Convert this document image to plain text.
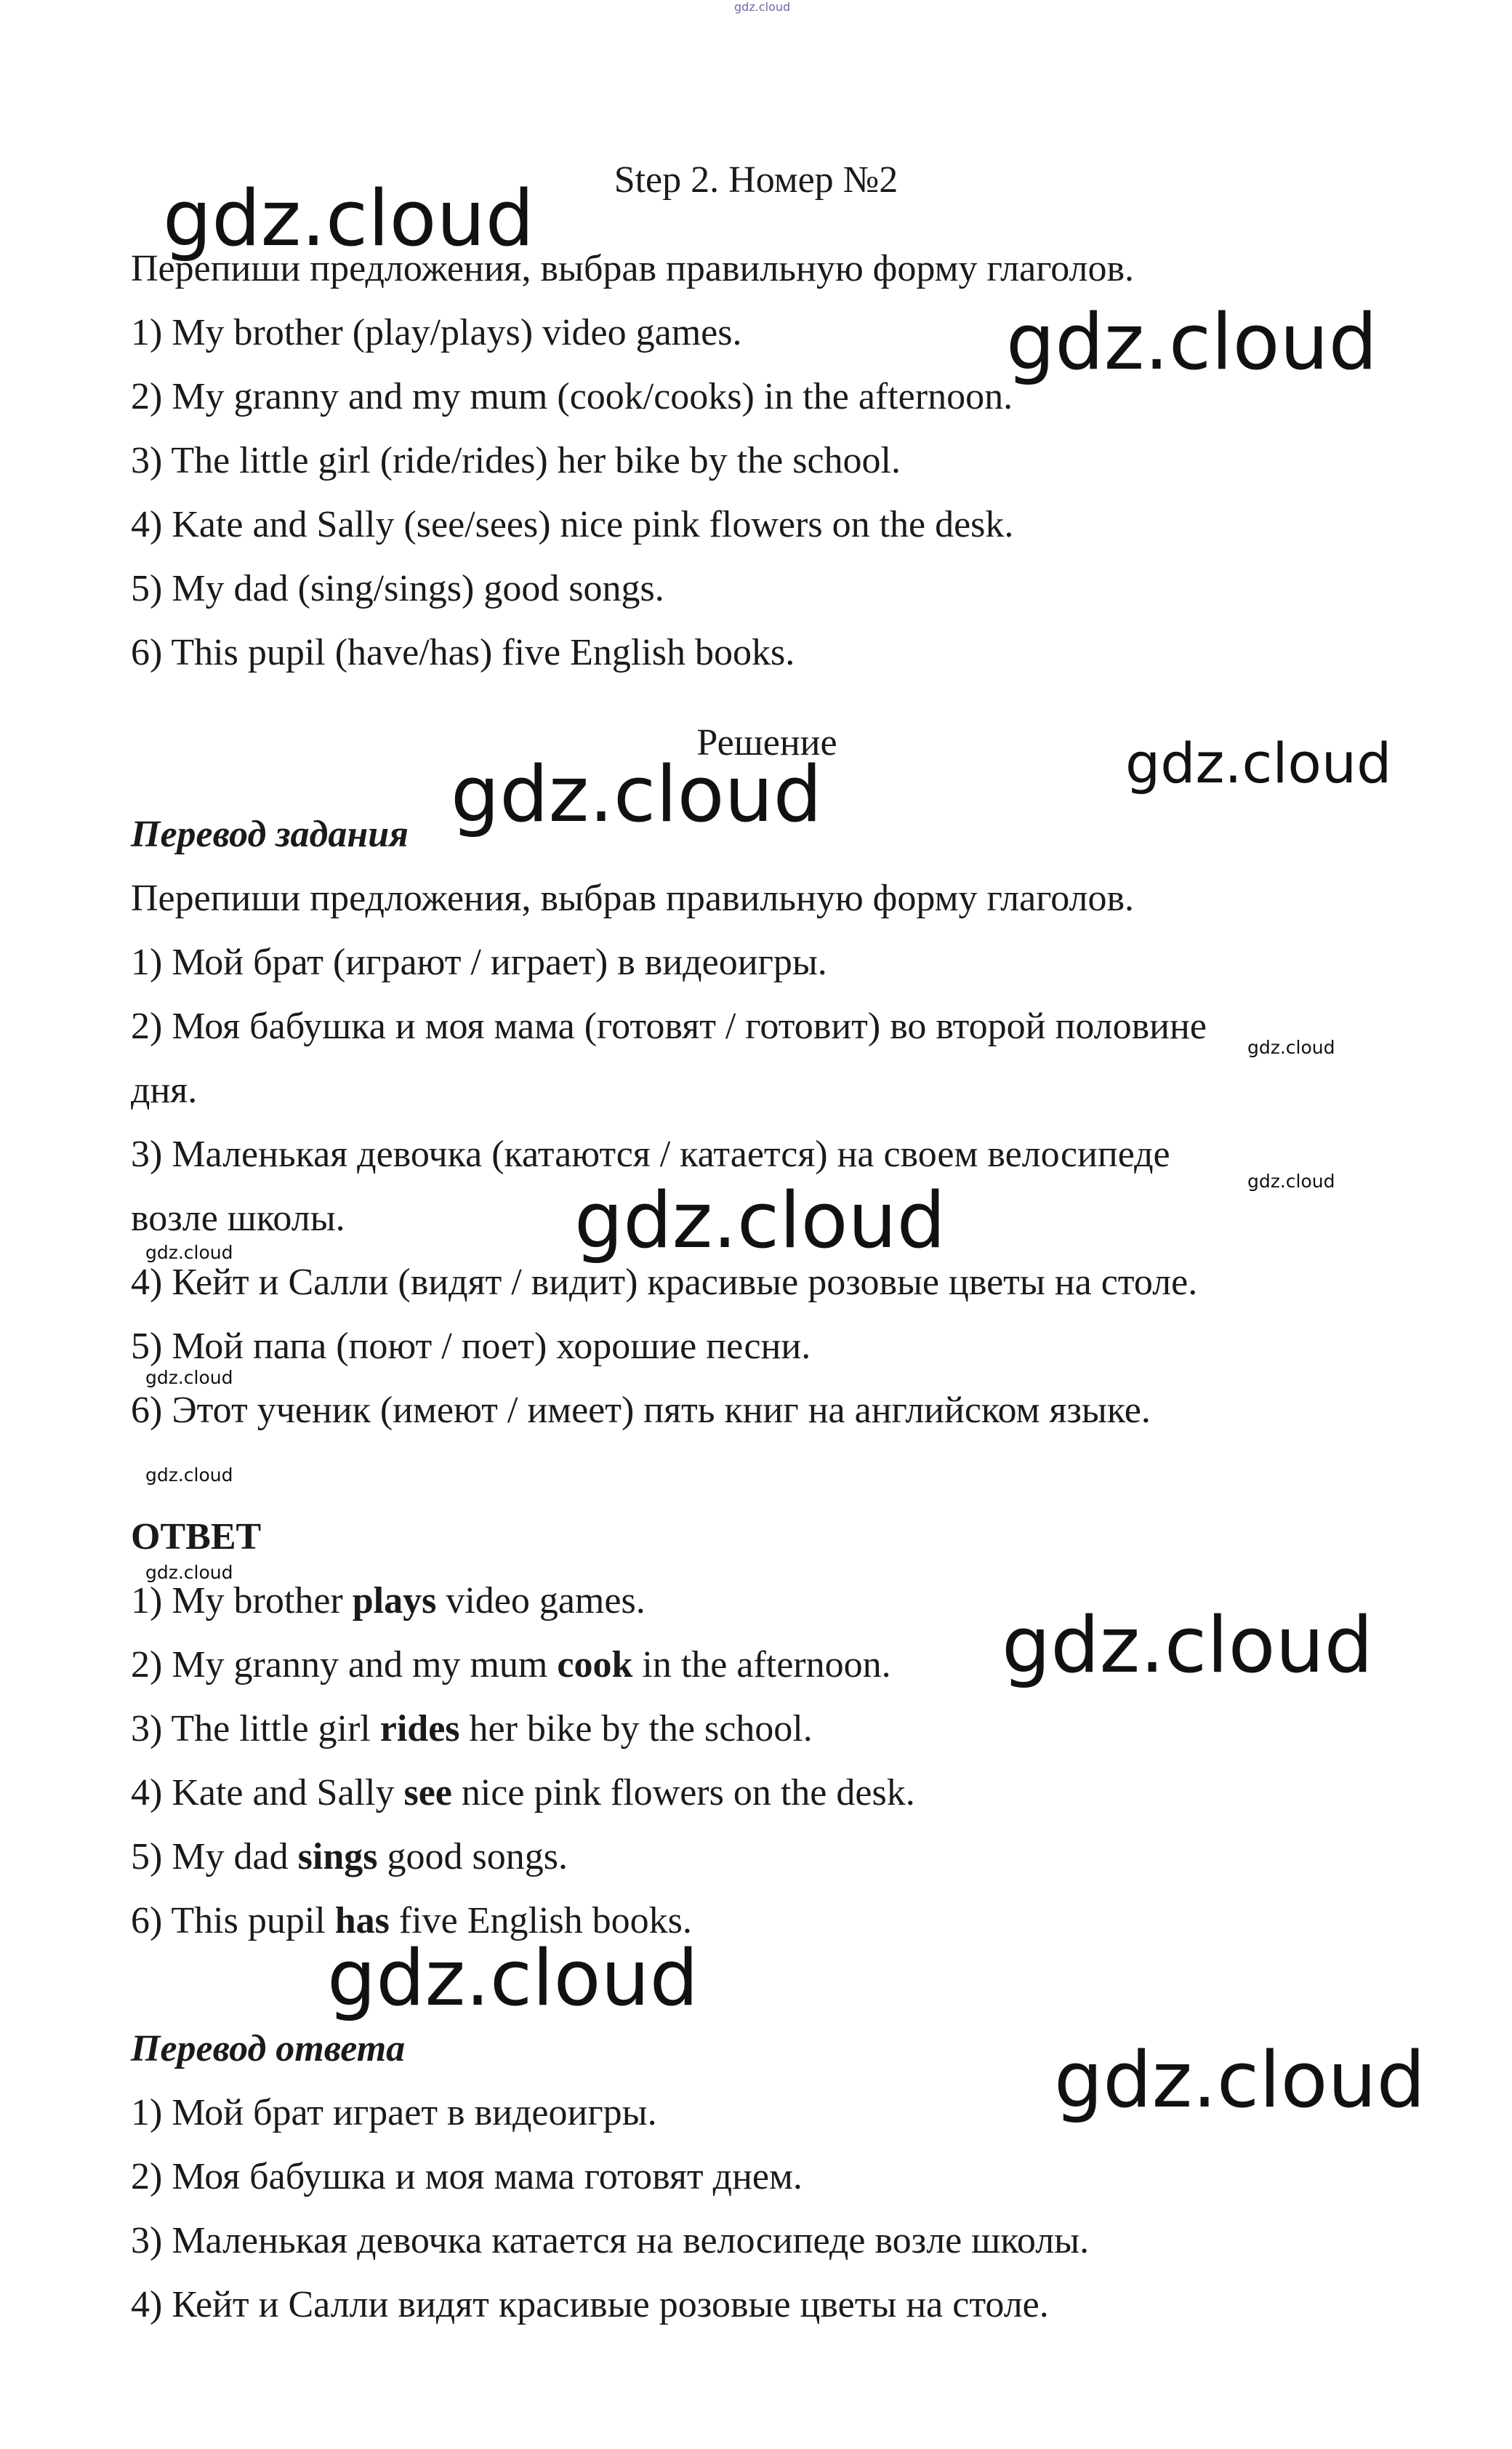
gdz.cloud
Step 2. Номер №2
Перепиши предложения, выбрав правильную форму глаголов.
1) My brother (play/plays) video games.
2) My granny and my mum (cook/cooks) in the afternoon.
3) The little girl (ride/rides) her bike by the school.
4) Kate and Sally (see/sees) nice pink flowers on the desk.
5) My dad (sing/sings) good songs.
6) This pupil (have/has) five English books.
Решение
Перевод задания
Перепиши предложения, выбрав правильную форму глаголов.
1) Мой брат (играют / играет) в видеоигры.
2) Моя бабушка и моя мама (готовят / готовит) во второй половине
дня.
3) Маленькая девочка (катаются / катается) на своем велосипеде
возле школы.
4) Кейт и Салли (видят / видит) красивые розовые цветы на столе.
5) Мой папа (поют / поет) хорошие песни.
6) Этот ученик (имеют / имеет) пять книг на английском языке.
ОТВЕТ
1) My brother plays video games.
2) My granny and my mum cook in the afternoon.
3) The little girl rides her bike by the school.
4) Kate and Sally see nice pink flowers on the desk.
5) My dad sings good songs.
6) This pupil has five English books.
Перевод ответа
1) Мой брат играет в видеоигры.
2) Моя бабушка и моя мама готовят днем.
3) Маленькая девочка катается на велосипеде возле школы.
4) Кейт и Салли видят красивые розовые цветы на столе.
gdz.cloud
gdz.cloud
gdz.cloud
gdz.cloud
gdz.cloud
gdz.cloud
gdz.cloud
gdz.cloud
gdz.cloud
gdz.cloud
gdz.cloud
gdz.cloud
gdz.cloud
gdz.cloud
